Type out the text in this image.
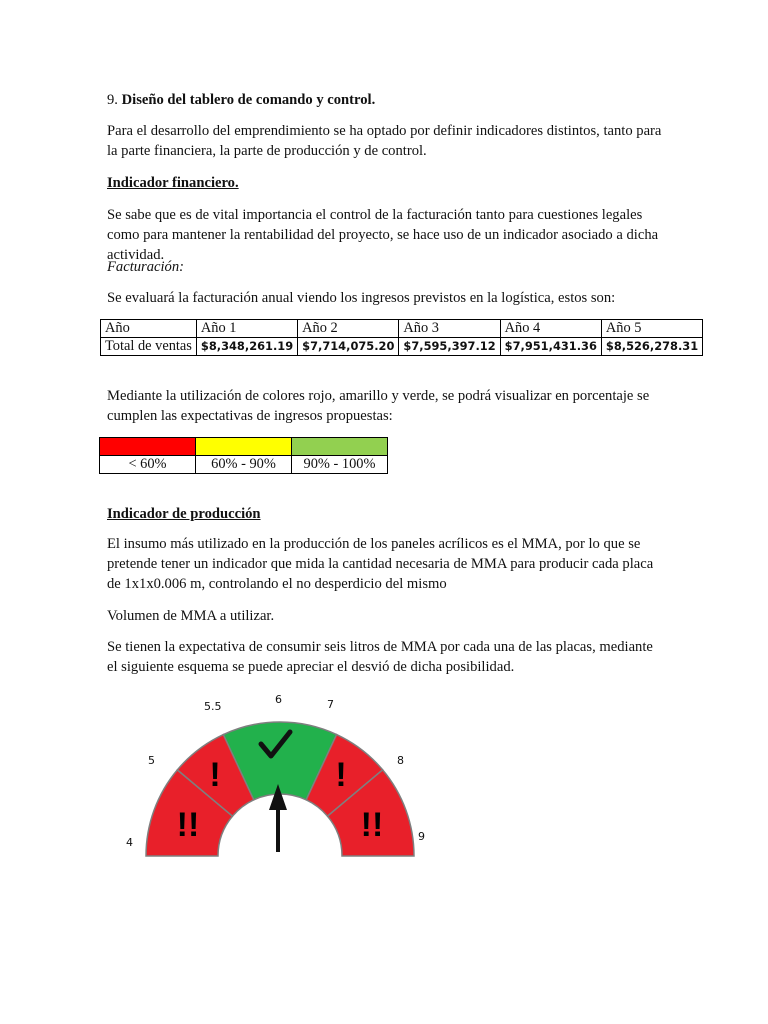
9. Diseño del tablero de comando y control.

Para el desarrollo del emprendimiento se ha optado por definir indicadores distintos, tanto para la parte financiera, la parte de producción y de control.

Indicador financiero.

Se sabe que es de vital importancia el control de la facturación tanto para cuestiones legales como para mantener la rentabilidad del proyecto, se hace uso de un indicador asociado a dicha actividad.

Facturación:

Se evaluará la facturación anual viendo los ingresos previstos en la logística, estos son:

Año	Año 1	Año 2	Año 3	Año 4	Año 5
Total de ventas	$8,348,261.19	$7,714,075.20	$7,595,397.12	$7,951,431.36	$8,526,278.31

Mediante la utilización de colores rojo, amarillo y verde, se podrá visualizar en porcentaje se cumplen las expectativas de ingresos propuestas:

< 60%	60% - 90%	90% - 100%

Indicador de producción

El insumo más utilizado en la producción de los paneles acrílicos es el MMA, por lo que se pretende tener un indicador que mida la cantidad necesaria de MMA para producir cada placa de 1x1x0.006 m, controlando el no desperdicio del mismo

Volumen de MMA a utilizar.

Se tienen la expectativa de consumir seis litros de MMA por cada una de las placas, mediante el siguiente esquema se puede apreciar el desvió de dicha posibilidad.

!!
!	!
!!
4
5
5.5
6	7
8
9
